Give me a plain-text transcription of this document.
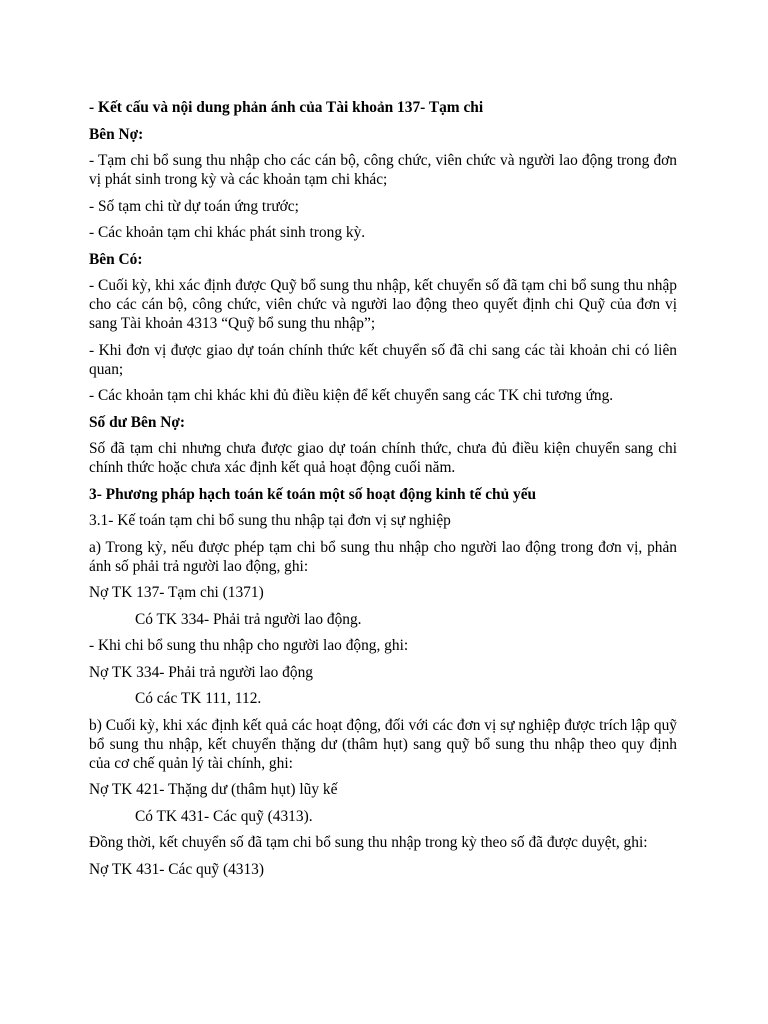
- Kết cấu và nội dung phản ánh của Tài khoản 137- Tạm chi

Bên Nợ:

- Tạm chi bổ sung thu nhập cho các cán bộ, công chức, viên chức và người lao động trong đơn vị phát sinh trong kỳ và các khoản tạm chi khác;

- Số tạm chi từ dự toán ứng trước;

- Các khoản tạm chi khác phát sinh trong kỳ.

Bên Có:

- Cuối kỳ, khi xác định được Quỹ bổ sung thu nhập, kết chuyển số đã tạm chi bổ sung thu nhập cho các cán bộ, công chức, viên chức và người lao động theo quyết định chi Quỹ của đơn vị sang Tài khoản 4313 “Quỹ bổ sung thu nhập”;

- Khi đơn vị được giao dự toán chính thức kết chuyển số đã chi sang các tài khoản chi có liên quan;

- Các khoản tạm chi khác khi đủ điều kiện để kết chuyển sang các TK chi tương ứng.

Số dư Bên Nợ:

Số đã tạm chi nhưng chưa được giao dự toán chính thức, chưa đủ điều kiện chuyển sang chi chính thức hoặc chưa xác định kết quả hoạt động cuối năm.

3- Phương pháp hạch toán kế toán một số hoạt động kinh tế chủ yếu

3.1- Kế toán tạm chi bổ sung thu nhập tại đơn vị sự nghiệp

a) Trong kỳ, nếu được phép tạm chi bổ sung thu nhập cho người lao động trong đơn vị, phản ánh số phải trả người lao động, ghi:

Nợ TK 137- Tạm chi (1371)

Có TK 334- Phải trả người lao động.

- Khi chi bổ sung thu nhập cho người lao động, ghi:

Nợ TK 334- Phải trả người lao động

Có các TK 111, 112.

b) Cuối kỳ, khi xác định kết quả các hoạt động, đối với các đơn vị sự nghiệp được trích lập quỹ bổ sung thu nhập, kết chuyển thặng dư (thâm hụt) sang quỹ bổ sung thu nhập theo quy định của cơ chế quản lý tài chính, ghi:

Nợ TK 421- Thặng dư (thâm hụt) lũy kế

Có TK 431- Các quỹ (4313).

Đồng thời, kết chuyển số đã tạm chi bổ sung thu nhập trong kỳ theo số đã được duyệt, ghi:

Nợ TK 431- Các quỹ (4313)
